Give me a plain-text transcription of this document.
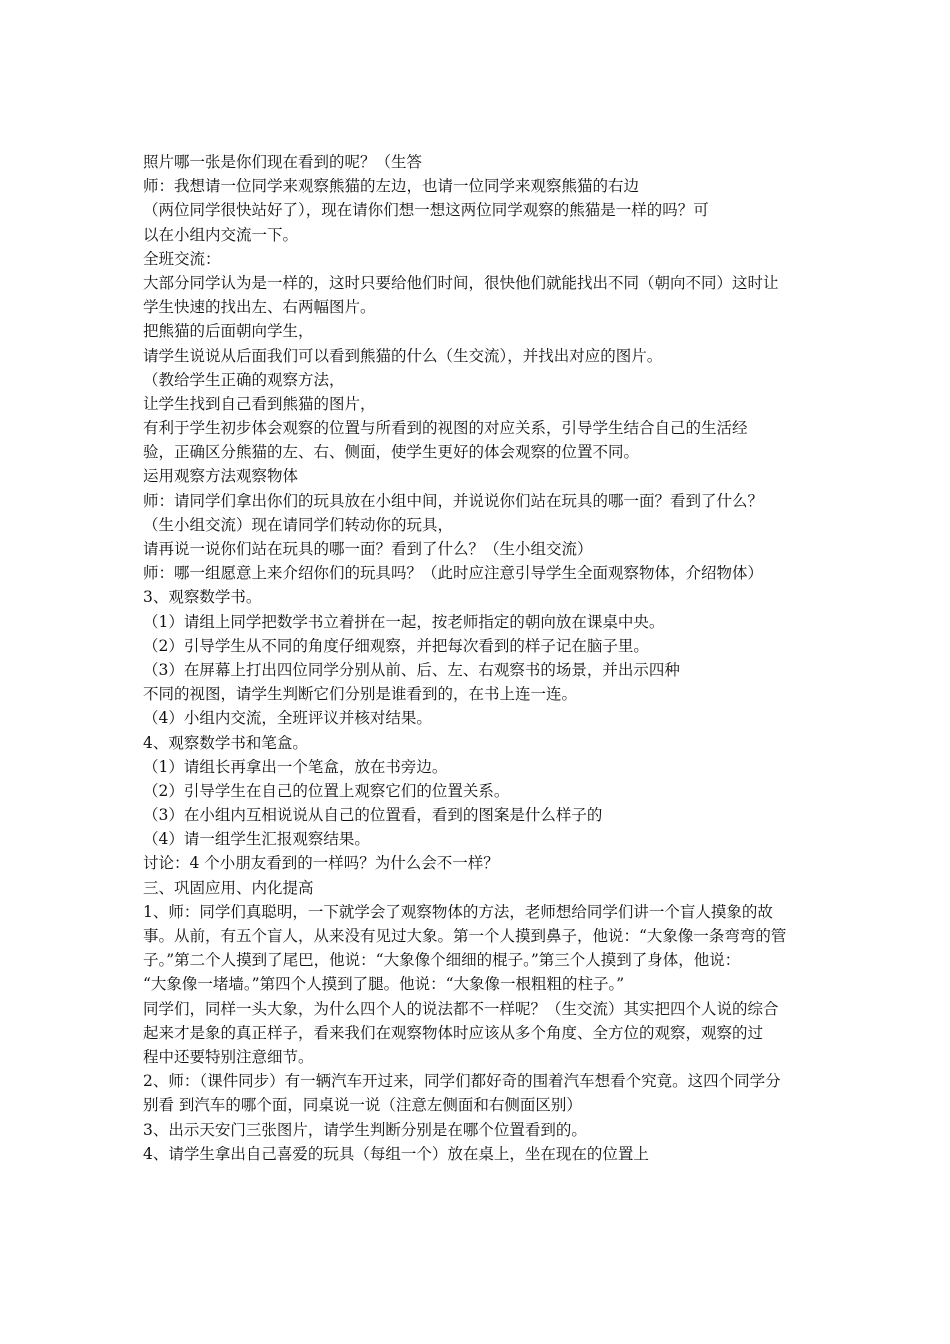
照片哪一张是你们现在看到的呢？（生答
师：我想请一位同学来观察熊猫的左边，也请一位同学来观察熊猫的右边
（两位同学很快站好了），现在请你们想一想这两位同学观察的熊猫是一样的吗？可
以在小组内交流一下。
全班交流：
大部分同学认为是一样的，这时只要给他们时间，很快他们就能找出不同（朝向不同）这时让
学生快速的找出左、右两幅图片。
把熊猫的后面朝向学生，
请学生说说从后面我们可以看到熊猫的什么（生交流），并找出对应的图片。
（教给学生正确的观察方法，
让学生找到自己看到熊猫的图片，
有利于学生初步体会观察的位置与所看到的视图的对应关系，引导学生结合自己的生活经
验，正确区分熊猫的左、右、侧面，使学生更好的体会观察的位置不同。
运用观察方法观察物体
师：请同学们拿出你们的玩具放在小组中间，并说说你们站在玩具的哪一面？看到了什么？
（生小组交流）现在请同学们转动你的玩具，
请再说一说你们站在玩具的哪一面？看到了什么？（生小组交流）
师：哪一组愿意上来介绍你们的玩具吗？（此时应注意引导学生全面观察物体，介绍物体）
3、观察数学书。
（1）请组上同学把数学书立着拼在一起，按老师指定的朝向放在课桌中央。
（2）引导学生从不同的角度仔细观察，并把每次看到的样子记在脑子里。
（3）在屏幕上打出四位同学分别从前、后、左、右观察书的场景，并出示四种
不同的视图，请学生判断它们分别是谁看到的，在书上连一连。
（4）小组内交流，全班评议并核对结果。
4、观察数学书和笔盒。
（1）请组长再拿出一个笔盒，放在书旁边。
（2）引导学生在自己的位置上观察它们的位置关系。
（3）在小组内互相说说从自己的位置看，看到的图案是什么样子的
（4）请一组学生汇报观察结果。
讨论：4 个小朋友看到的一样吗？为什么会不一样？
三、巩固应用、内化提高
1、师：同学们真聪明，一下就学会了观察物体的方法，老师想给同学们讲一个盲人摸象的故
事。从前，有五个盲人，从来没有见过大象。第一个人摸到鼻子，他说：“大象像一条弯弯的管
子。”第二个人摸到了尾巴，他说：“大象像个细细的棍子。”第三个人摸到了身体，他说：
“大象像一堵墙。”第四个人摸到了腿。他说：“大象像一根粗粗的柱子。”
同学们，同样一头大象，为什么四个人的说法都不一样呢？（生交流）其实把四个人说的综合
起来才是象的真正样子，看来我们在观察物体时应该从多个角度、全方位的观察，观察的过
程中还要特别注意细节。
2、师：（课件同步）有一辆汽车开过来，同学们都好奇的围着汽车想看个究竟。这四个同学分
别看 到汽车的哪个面，同桌说一说（注意左侧面和右侧面区别）
3、出示天安门三张图片，请学生判断分别是在哪个位置看到的。
4、请学生拿出自己喜爱的玩具（每组一个）放在桌上，坐在现在的位置上
